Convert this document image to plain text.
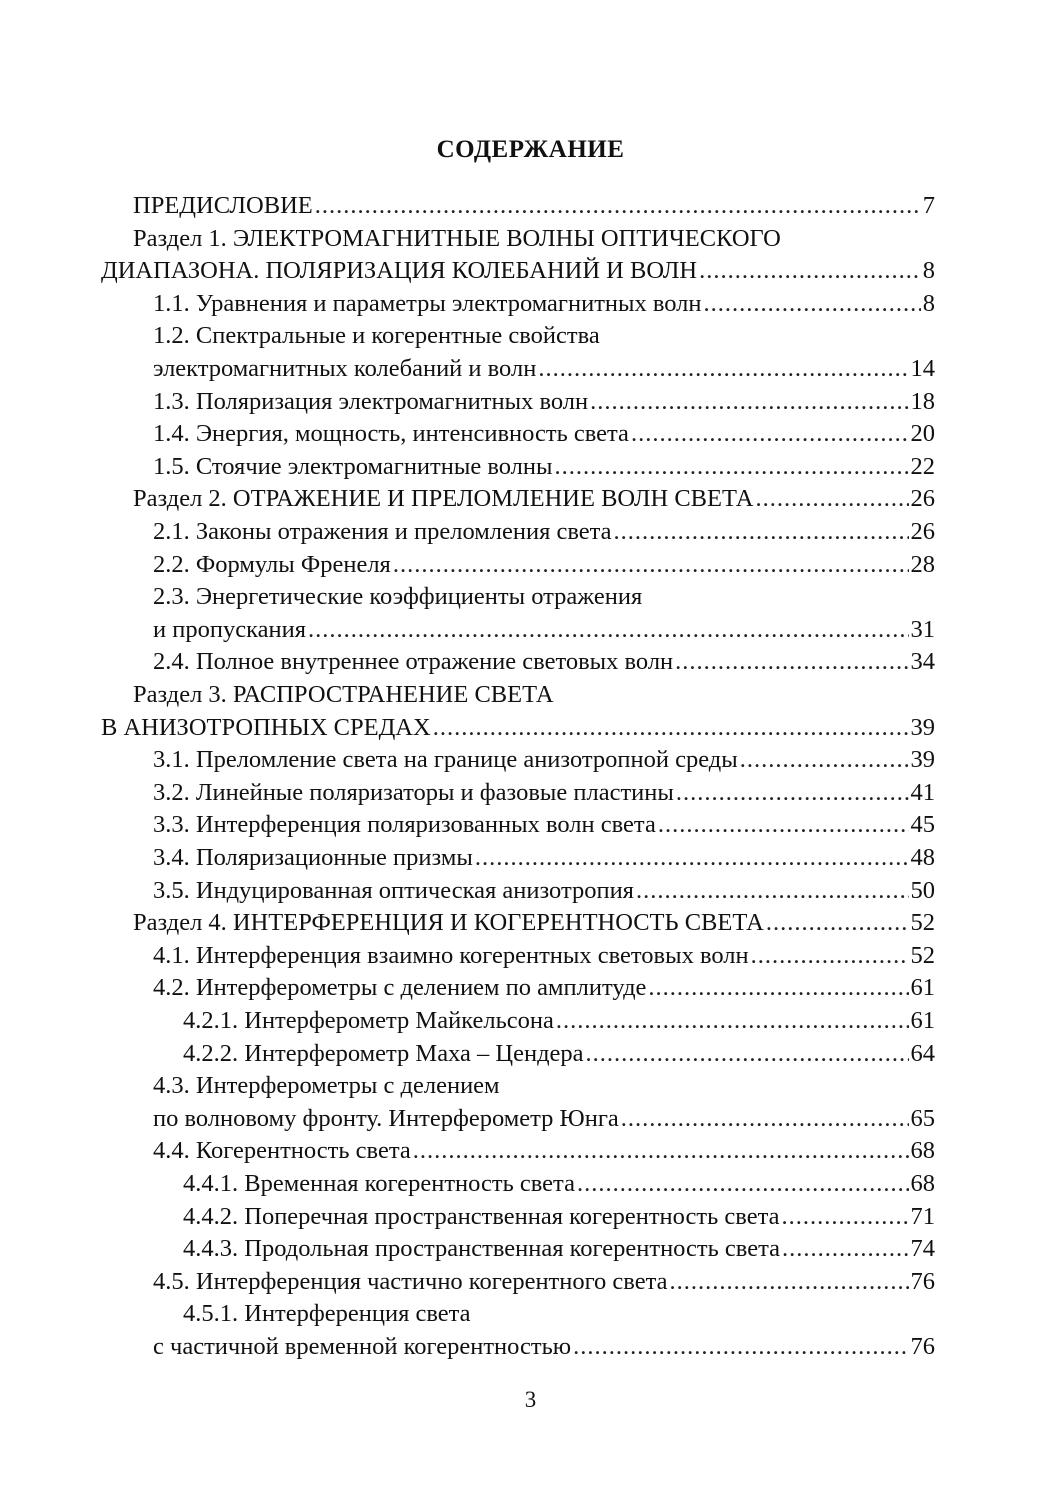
СОДЕРЖАНИЕ
ПРЕДИСЛОВИЕ .....	7
Раздел 1. ЭЛЕКТРОМАГНИТНЫЕ ВОЛНЫ ОПТИЧЕСКОГО
ДИАПАЗОНА. ПОЛЯРИЗАЦИЯ КОЛЕБАНИЙ И ВОЛН .....	8
1.1. Уравнения и параметры электромагнитных волн .....	8
1.2. Спектральные и когерентные свойства
электромагнитных колебаний и волн .....	14
1.3. Поляризация электромагнитных волн .....	18
1.4. Энергия, мощность, интенсивность света .....	20
1.5. Стоячие электромагнитные волны .....	22
Раздел 2. ОТРАЖЕНИЕ И ПРЕЛОМЛЕНИЕ ВОЛН СВЕТА .....	26
2.1. Законы отражения и преломления света .....	26
2.2. Формулы Френеля .....	28
2.3. Энергетические коэффициенты отражения
и пропускания .....	31
2.4. Полное внутреннее отражение световых волн .....	34
Раздел 3. РАСПРОСТРАНЕНИЕ СВЕТА
В АНИЗОТРОПНЫХ СРЕДАХ .....	39
3.1. Преломление света на границе анизотропной среды .....	39
3.2. Линейные поляризаторы и фазовые пластины .....	41
3.3. Интерференция поляризованных волн света .....	45
3.4. Поляризационные призмы .....	48
3.5. Индуцированная оптическая анизотропия .....	50
Раздел 4. ИНТЕРФЕРЕНЦИЯ И КОГЕРЕНТНОСТЬ СВЕТА .....	52
4.1. Интерференция взаимно когерентных световых волн .....	52
4.2. Интерферометры с делением по амплитуде .....	61
4.2.1. Интерферометр Майкельсона .....	61
4.2.2. Интерферометр Маха – Цендера .....	64
4.3. Интерферометры с делением
по волновому фронту. Интерферометр Юнга .....	65
4.4. Когерентность света .....	68
4.4.1. Временная когерентность света .....	68
4.4.2. Поперечная пространственная когерентность света .....	71
4.4.3. Продольная пространственная когерентность света .....	74
4.5. Интерференция частично когерентного света .....	76
4.5.1. Интерференция света
с частичной временной когерентностью .....	76
3
